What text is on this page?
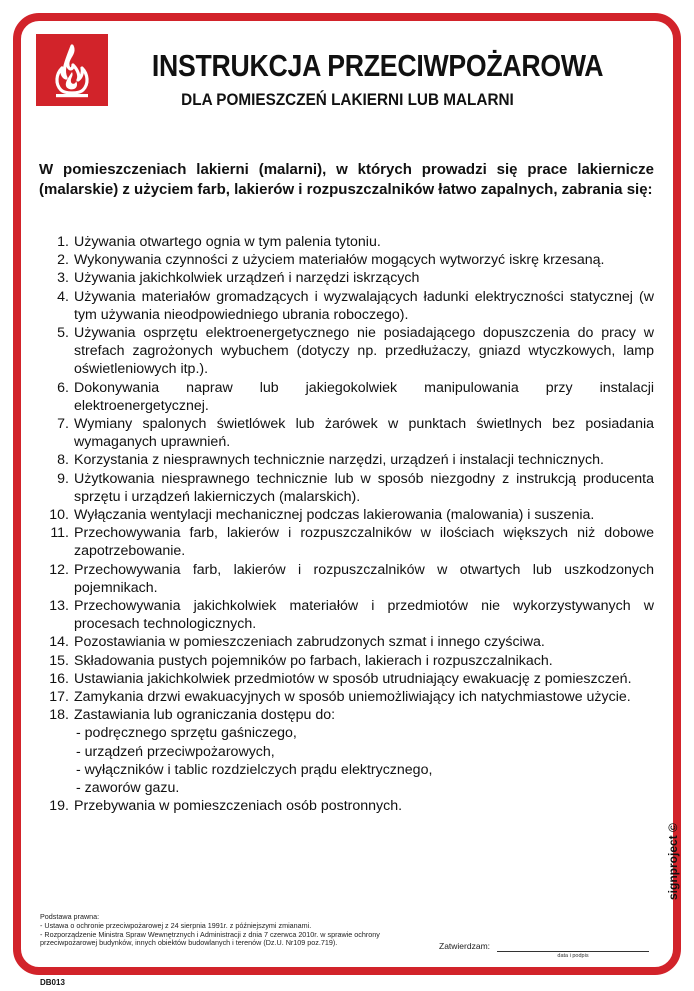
INSTRUKCJA PRZECIWPOŻAROWA
DLA POMIESZCZEŃ LAKIERNI LUB MALARNI
W pomieszczeniach lakierni (malarni), w których prowadzi się prace lakiernicze (malarskie) z użyciem farb, lakierów i rozpuszczalników łatwo zapalnych, zabrania się:
1. Używania otwartego ognia w tym palenia tytoniu.
2. Wykonywania czynności z użyciem materiałów mogących wytworzyć iskrę krzesaną.
3. Używania jakichkolwiek urządzeń i narzędzi iskrzących
4. Używania materiałów gromadzących i wyzwalających ładunki elektryczności statycznej (w tym używania nieodpowiedniego ubrania roboczego).
5. Używania osprzętu elektroenergetycznego nie posiadającego dopuszczenia do pracy w strefach zagrożonych wybuchem (dotyczy np. przedłużaczy, gniazd wtyczkowych, lamp oświetleniowych itp.).
6. Dokonywania napraw lub jakiegokolwiek manipulowania przy instalacji elektroenergetycznej.
7. Wymiany spalonych świetlówek lub żarówek w punktach świetlnych bez posiadania wymaganych uprawnień.
8. Korzystania z niesprawnych technicznie narzędzi, urządzeń i instalacji technicznych.
9. Użytkowania niesprawnego technicznie lub w sposób niezgodny z instrukcją producenta sprzętu i urządzeń lakierniczych (malarskich).
10. Wyłączania wentylacji mechanicznej podczas lakierowania (malowania) i suszenia.
11. Przechowywania farb, lakierów i rozpuszczalników w ilościach większych niż dobowe zapotrzebowanie.
12. Przechowywania farb, lakierów i rozpuszczalników w otwartych lub uszkodzonych pojemnikach.
13. Przechowywania jakichkolwiek materiałów i przedmiotów nie wykorzystywanych w procesach technologicznych.
14. Pozostawiania w pomieszczeniach zabrudzonych szmat i innego czyściwa.
15. Składowania pustych pojemników po farbach, lakierach i rozpuszczalnikach.
16. Ustawiania jakichkolwiek przedmiotów w sposób utrudniający ewakuację z pomieszczeń.
17. Zamykania drzwi ewakuacyjnych w sposób uniemożliwiający ich natychmiastowe użycie.
18. Zastawiania lub ograniczania dostępu do:
- podręcznego sprzętu gaśniczego,
- urządzeń przeciwpożarowych,
- wyłączników i tablic rozdzielczych prądu elektrycznego,
- zaworów gazu.
19. Przebywania w pomieszczeniach osób postronnych.
Podstawa prawna:
- Ustawa o ochronie przeciwpożarowej z 24 sierpnia 1991r. z późniejszymi zmianami.
- Rozporządzenie Ministra Spraw Wewnętrznych i Administracji z dnia 7 czerwca 2010r. w sprawie ochrony przeciwpożarowej budynków, innych obiektów budowlanych i terenów (Dz.U. Nr109 poz.719).	Zatwierdzam:
data i podpis
signproject ©
DB013
